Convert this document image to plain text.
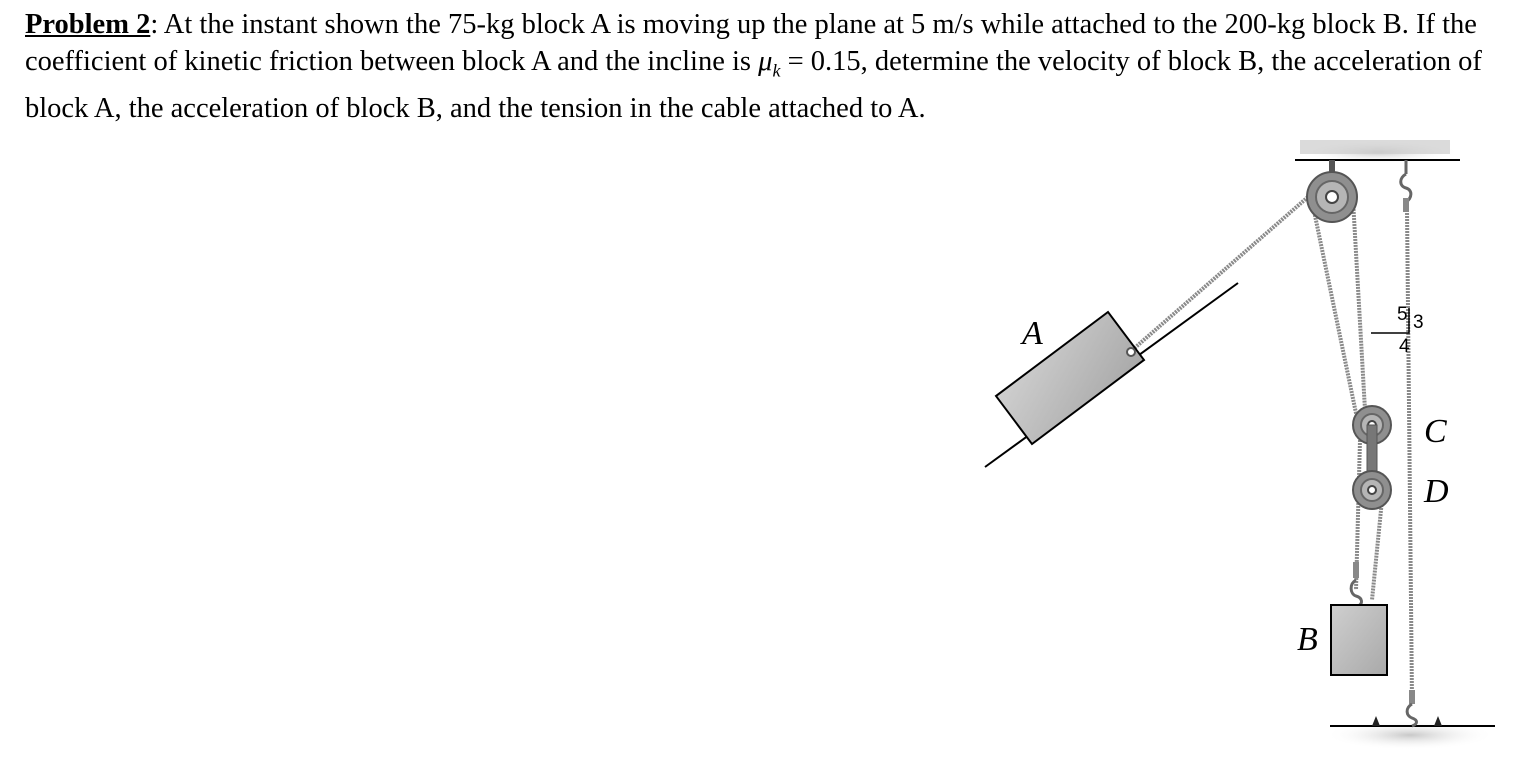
Problem 2: At the instant shown the 75-kg block A is moving up the plane at 5 m/s while attached to the 200-kg block B. If the coefficient of kinetic friction between block A and the incline is $\mu_k = 0.15$, determine the velocity of block B, the acceleration of block A, the acceleration of block B, and the tension in the cable attached to A.

5 3
4
A
B
C
D
